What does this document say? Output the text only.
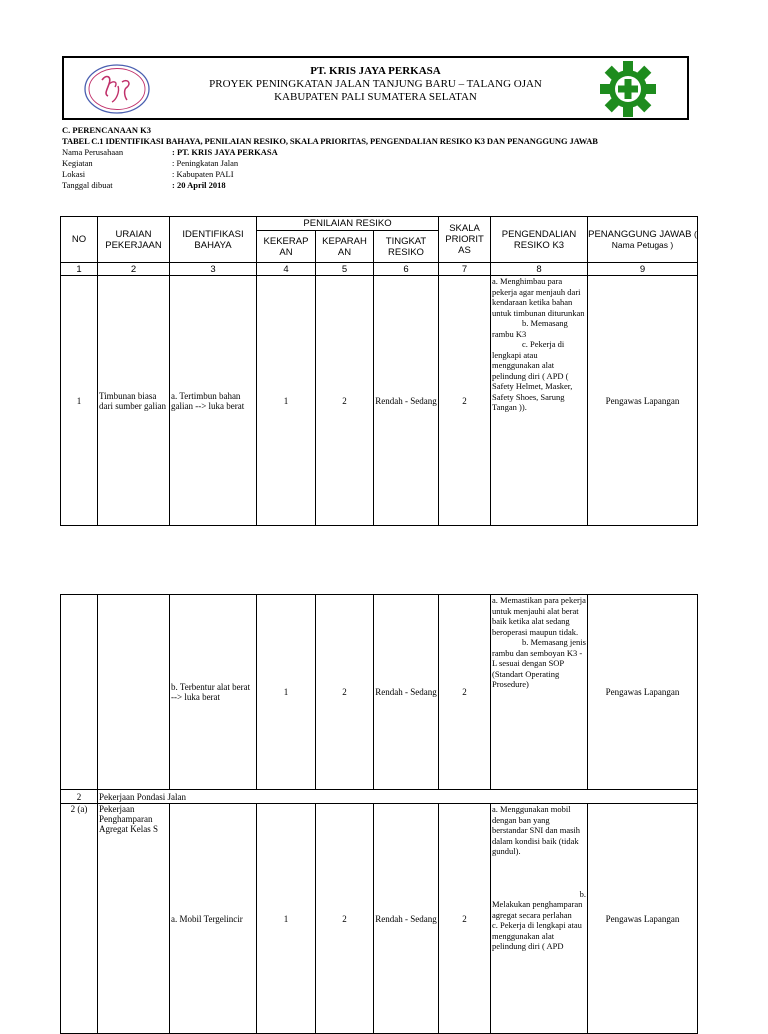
PT. KRIS JAYA PERKASA
PROYEK PENINGKATAN JALAN TANJUNG BARU – TALANG OJAN
KABUPATEN PALI SUMATERA SELATAN
C. PERENCANAAN K3
TABEL C.1 IDENTIFIKASI BAHAYA, PENILAIAN RESIKO, SKALA PRIORITAS, PENGENDALIAN RESIKO K3 DAN PENANGGUNG JAWAB
Nama Perusahaan	: PT. KRIS JAYA PERKASA
Kegiatan	: Peningkatan Jalan
Lokasi	: Kabupaten PALI
Tanggal dibuat	: 20 April 2018
NO	URAIAN PEKERJAAN	IDENTIFIKASI BAHAYA	PENILAIAN RESIKO			SKALA PRIORIT AS	PENGENDALIAN RESIKO K3	PENANGGUNG JAWAB ( Nama Petugas )
			KEKERAP AN	KEPARAH AN	TINGKAT RESIKO			
1	2	3	4	5	6	7	8	9
1	Timbunan biasa dari sumber galian	a. Tertimbun bahan galian --> luka berat	1	2	Rendah - Sedang	2	a. Menghimbau para pekerja agar menjauh dari kendaraan ketika bahan untuk timbunan diturunkan
b. Memasang rambu K3
c. Pekerja di lengkapi atau menggunakan alat pelindung diri ( APD ( Safety Helmet, Masker, Safety Shoes, Sarung Tangan )).	Pengawas Lapangan
		b. Terbentur alat berat --> luka berat	1	2	Rendah - Sedang	2	a. Memastikan para pekerja untuk menjauhi alat berat baik ketika alat sedang beroperasi maupun tidak.
b. Memasang jenis rambu dan semboyan K3 -L sesuai dengan SOP (Standart Operating Prosedure)	Pengawas Lapangan
2	Pekerjaan Pondasi Jalan							
2 (a)	Pekerjaan Penghamparan Agregat Kelas S	a. Mobil Tergelincir	1	2	Rendah - Sedang	2	a. Menggunakan mobil dengan ban yang berstandar SNI dan masih dalam kondisi baik (tidak gundul).
b.
Melakukan penghamparan agregat secara perlahan
c. Pekerja di lengkapi atau menggunakan alat pelindung diri ( APD	Pengawas Lapangan
